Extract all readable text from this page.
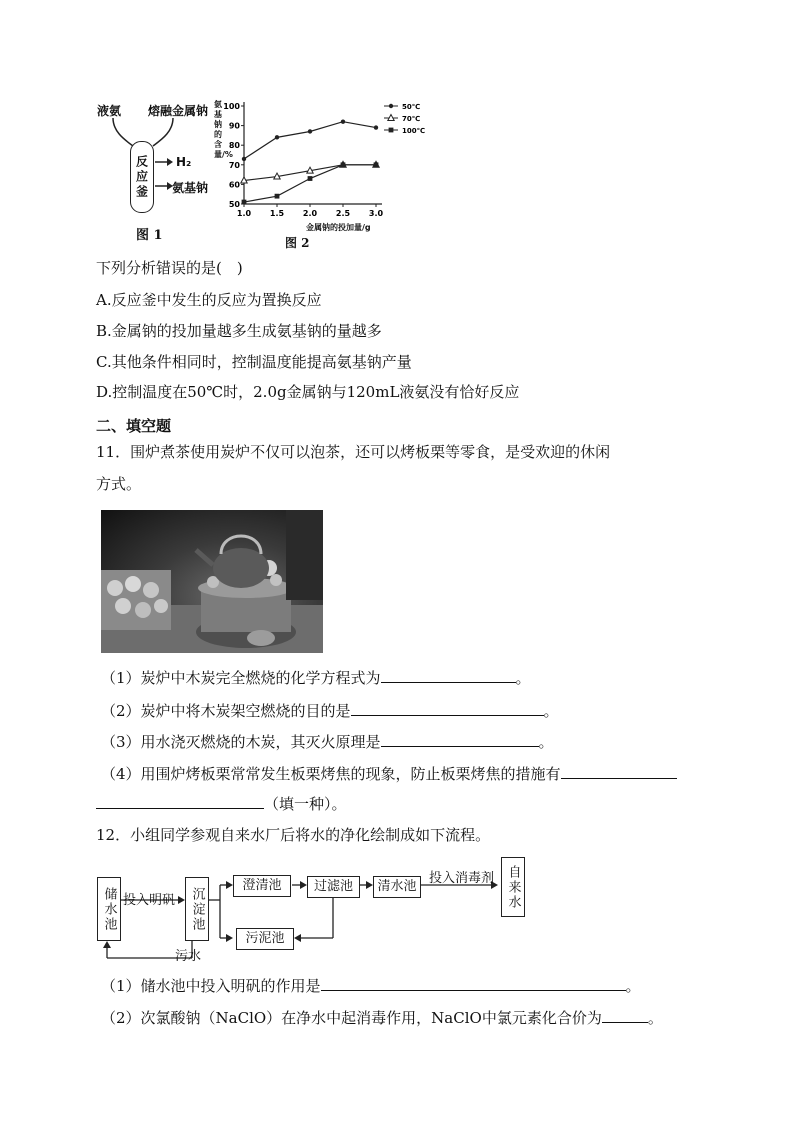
液氨 熔融金属钠
反应釜	H₂
氨基钠
图 1
氨基钠的含量/%
50
60
70
80
90
100
1.0 1.5 2.0 2.5 3.0
50℃
70℃
100℃
金属钠的投加量/g
图 2
下列分析错误的是(　)
A.反应釜中发生的反应为置换反应
B.金属钠的投加量越多生成氨基钠的量越多
C.其他条件相同时，控制温度能提高氨基钠产量
D.控制温度在50℃时，2.0g金属钠与120mL液氨没有恰好反应
二、填空题
11．围炉煮茶使用炭炉不仅可以泡茶，还可以烤板栗等零食，是受欢迎的休闲
方式。
（1）炭炉中木炭完全燃烧的化学方程式为	。
（2）炭炉中将木炭架空燃烧的目的是	。
（3）用水浇灭燃烧的木炭，其灭火原理是	。
（4）用围炉烤板栗常常发生板栗烤焦的现象，防止板栗烤焦的措施有
（填一种）。
12．小组同学参观自来水厂后将水的净化绘制成如下流程。
储水池 投入明矾	沉淀池
澄清池	过滤池	清水池
投入消毒剂 自来水
污泥池
污水
（1）储水池中投入明矾的作用是	。
（2）次氯酸钠（NaClO）在净水中起消毒作用，NaClO中氯元素化合价为	。
